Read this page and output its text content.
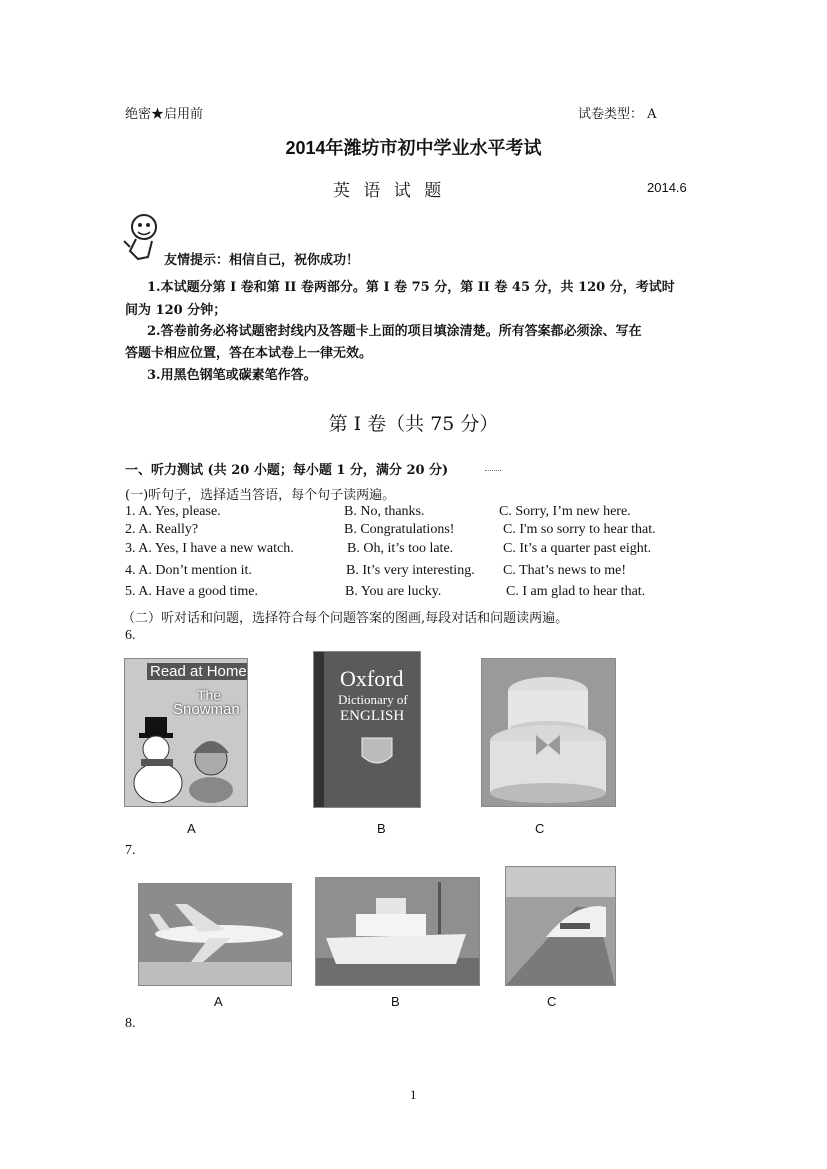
绝密★启用前	试卷类型： A
2014年潍坊市初中学业水平考试
英 语 试 题	2014.6
友情提示：相信自己，祝你成功！
1.本试题分第 I 卷和第 II 卷两部分。第 I 卷 75 分，第 II 卷 45 分，共 120 分，考试时
间为 120 分钟；
2.答卷前务必将试题密封线内及答题卡上面的项目填涂清楚。所有答案都必须涂、写在
答题卡相应位置，答在本试卷上一律无效。
3.用黑色钢笔或碳素笔作答。
第 I 卷（共 75 分）
一、听力测试 (共 20 小题；每小题 1 分，满分 20 分)
(一)听句子，选择适当答语，每个句子读两遍。
1. A. Yes, please.	B. No, thanks.	C. Sorry, I’m new here.
2. A. Really?	B. Congratulations!	C. I'm so sorry to hear that.
3. A. Yes, I have a new watch.	B. Oh, it’s too late.	C. It’s a quarter past eight.
4. A. Don’t mention it.	B. It’s very interesting. C. That’s news to me!
5. A. Have a good time.	B. You are lucky.	C. I am glad to hear that.
（二）听对话和问题，选择符合每个问题答案的图画,每段对话和问题读两遍。
6.
Read at Home
The
Snowman
Oxford
Dictionary of
ENGLISH
A	B	C
7.
A	B	C
8.
1
